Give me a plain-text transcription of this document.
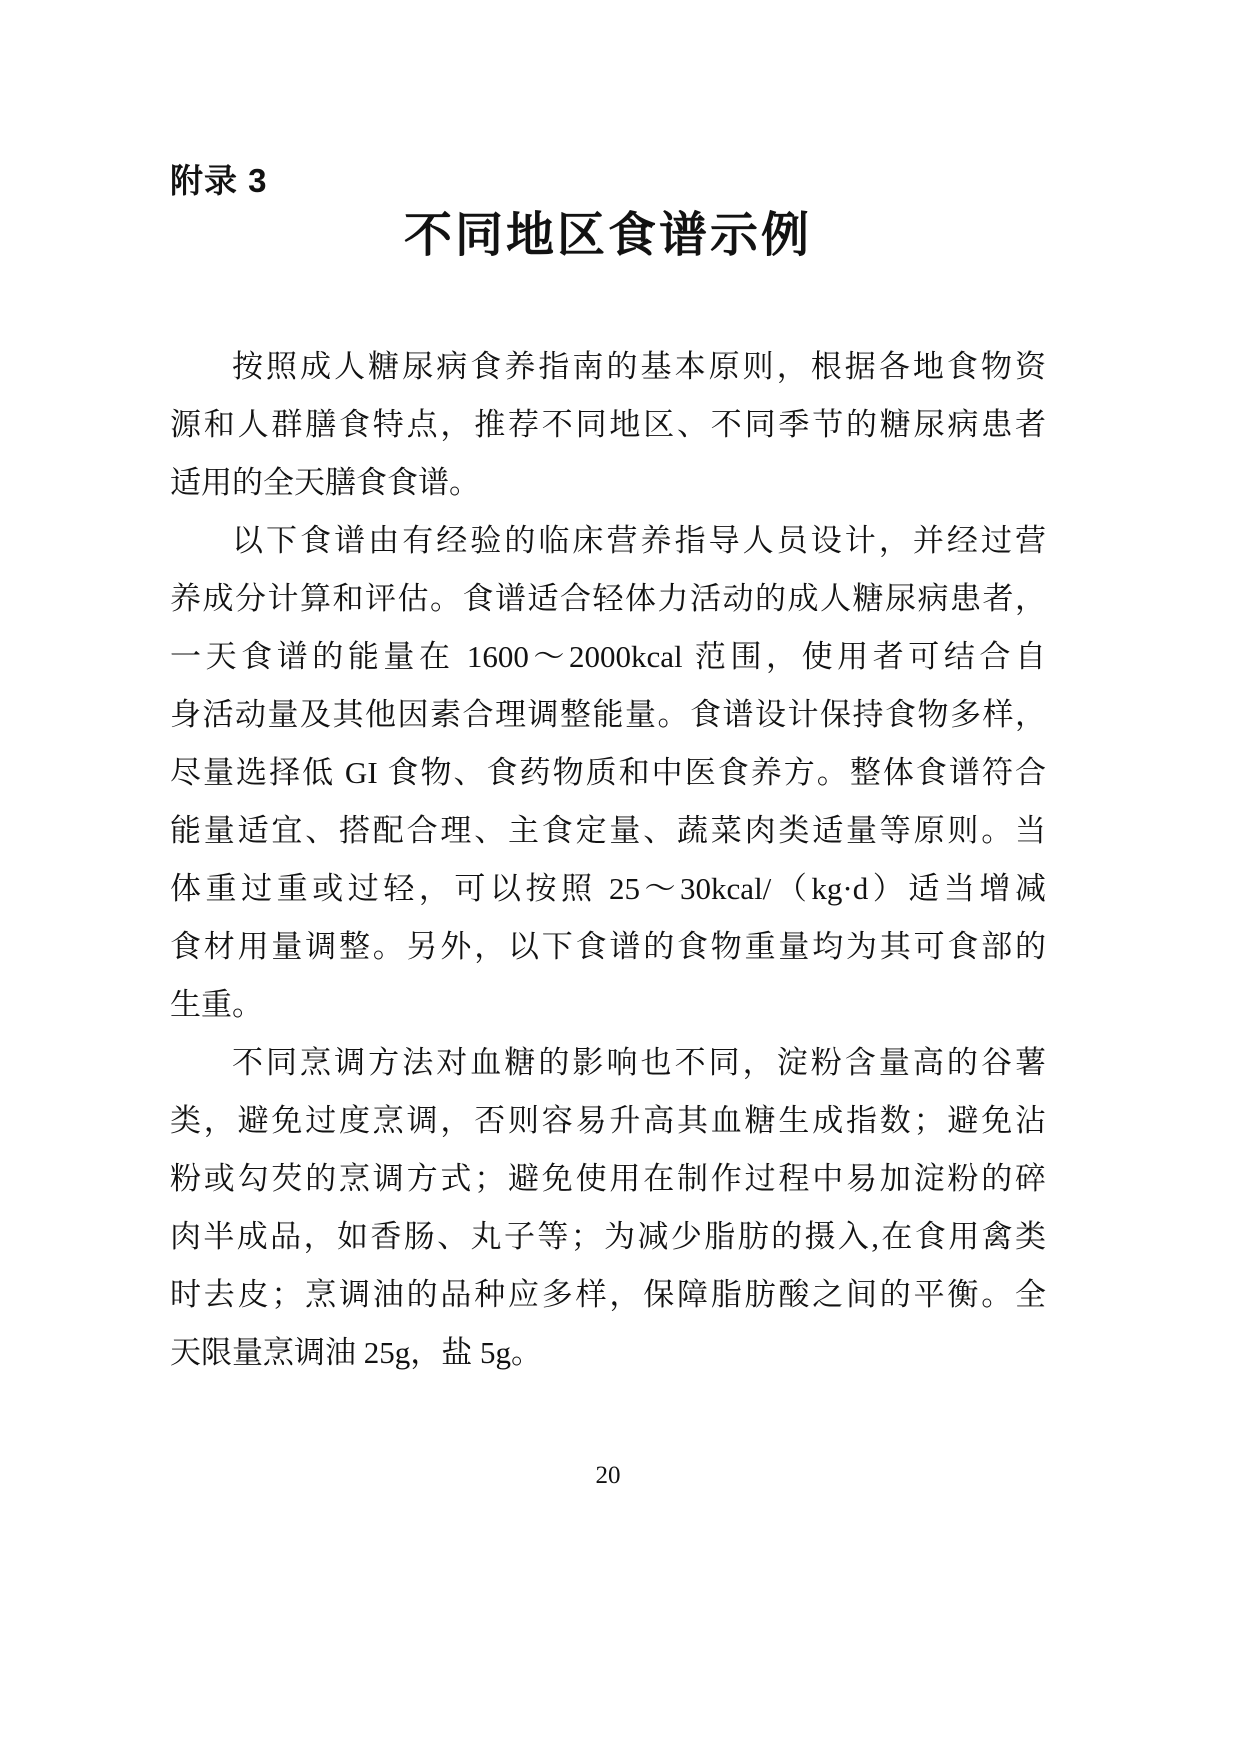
附录 3
不同地区食谱示例
按照成人糖尿病食养指南的基本原则，根据各地食物资
源和人群膳食特点，推荐不同地区、不同季节的糖尿病患者
适用的全天膳食食谱。
以下食谱由有经验的临床营养指导人员设计，并经过营
养成分计算和评估。食谱适合轻体力活动的成人糖尿病患者，
一天食谱的能量在 1600～2000kcal 范围，使用者可结合自
身活动量及其他因素合理调整能量。食谱设计保持食物多样，
尽量选择低 GI 食物、食药物质和中医食养方。整体食谱符合
能量适宜、搭配合理、主食定量、蔬菜肉类适量等原则。当
体重过重或过轻，可以按照 25～30kcal/（kg·d）适当增减
食材用量调整。另外，以下食谱的食物重量均为其可食部的
生重。
不同烹调方法对血糖的影响也不同，淀粉含量高的谷薯
类，避免过度烹调，否则容易升高其血糖生成指数；避免沾
粉或勾芡的烹调方式；避免使用在制作过程中易加淀粉的碎
肉半成品，如香肠、丸子等；为减少脂肪的摄入,在食用禽类
时去皮；烹调油的品种应多样，保障脂肪酸之间的平衡。全
天限量烹调油 25g，盐 5g。
20
